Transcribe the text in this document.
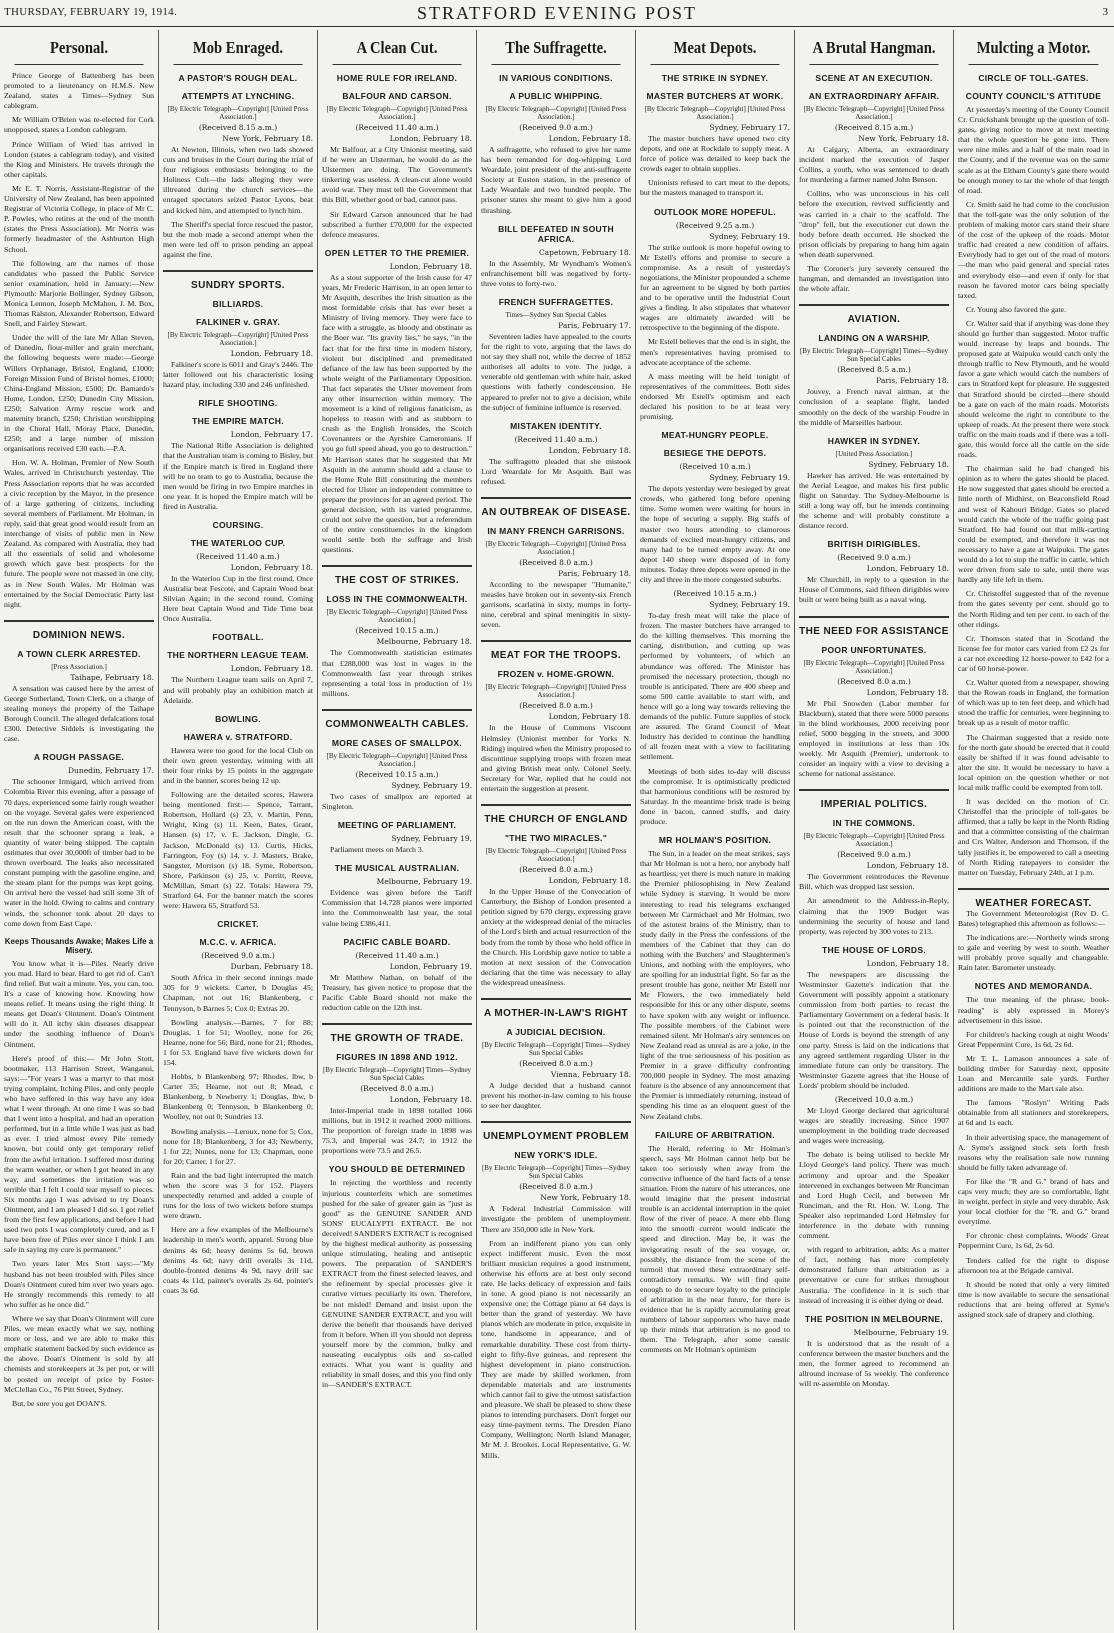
THURSDAY, FEBRUARY 19, 1914.	STRATFORD EVENING POST	3
Personal.
Prince George of Battenberg has been promoted to a lieutenancy on H.M.S. New Zealand, states a Times—Sydney Sun cablegram.
Mr William O'Brien was re-elected for Cork unopposed, states a London cablegram.
Prince William of Wied has arrived in London (states a cablegram today), and visited the King and Ministers. He travels through the other capitals.
Mr E. T. Norris, Assistant-Registrar of the University of New Zealand, has been appointed Registrar of Victoria College, in place of Mr C. P. Powles, who retires at the end of the month (states the Press Association). Mr Norris was formerly headmaster of the Ashburton High School.
The following are the names of those candidates who passed the Public Service senior examination, held in January:—New Plymouth: Marjorie Bollinger, Sydney Gibson, Monica Lennon, Joseph McMahon, J. M. Box, Thomas Ralston, Alexander Robertson, Edward Snell, and Fairley Stewart.
Under the will of the late Mr Allan Steven, of Dunedin, flour-miller and grain merchant, the following bequests were made:—George Willers Orphanage, Bristol, England, £1000; Foreign Mission Fund of Bristol homes, £1000; China-England Mission, £500; Dr. Barnardo's Home, London, £250; Dunedin City Mission, £250; Salvation Army rescue work and maternity branch, £250; Christian worshipping in the Choral Hall, Moray Place, Dunedin, £250; and a large number of mission organisations received £30 each.—P.A.
Hon. W. A. Holman, Premier of New South Wales, arrived in Christchurch yesterday. The Press Association reports that he was accorded a civic reception by the Mayor, in the presence of a large gathering of citizens, including several members of Parliament. Mr Holman, in reply, said that great good would result from an interchange of visits of public men in New Zealand. As compared with Australia, they had all the essentials of solid and wholesome growth which gave best prospects for the future. The people were not massed in one city, as in New South Wales. Mr Holman was entertained by the Social Democratic Party last night.
DOMINION NEWS.
A TOWN CLERK ARRESTED.
[Press Association.]
Taihape, February 18.
A sensation was caused here by the arrest of George Sutherland, Town Clerk, on a charge of stealing moneys the property of the Taihape Borough Council. The alleged defalcations total £300. Detective Siddels is investigating the case.
A ROUGH PASSAGE.
Dunedin, February 17.
The schooner Irmigard, which arrived from Colombia River this evening, after a passage of 70 days, experienced some fairly rough weather on the voyage. Several gales were experienced on the run down the American coast, with the result that the schooner sprang a leak, a quantity of water being shipped. The captain estimates that over 30,000ft of timber had to be thrown overboard. The leaks also necessitated constant pumping with the gasoline engine, and the steam plant for the pumps was kept going. On arrival here the vessel had still some 3ft of water in the hold. Owing to calms and contrary winds, the schooner took about 20 days to come down from East Cape.
Keeps Thousands Awake; Makes Life a Misery.
You know what it is—Piles. Nearly drive you mad. Hard to bear. Hard to get rid of. Can't find relief. But wait a minute. Yes, you can, too. It's a case of knowing how. Knowing how means relief. It means using the right thing. It means get Doan's Ointment. Doan's Ointment will do it. All itchy skin diseases disappear under the soothing influence of Doan's Ointment.
Here's proof of this:— Mr John Stott, bootmaker, 113 Harrison Street, Wanganui, says:—"For years I was a martyr to that most trying complaint, Itching Piles, and only people who have suffered in this way have any idea what I went through. At one time I was so bad that I went into a hospital, and had an operation performed, but in a little while I was just as bad as ever. I tried almost every Pile remedy known, but could only get temporary relief from the awful irritation. I suffered most during the warm weather, or when I got heated in any way, and sometimes the irritation was so terrible that I felt I could tear myself to pieces. Six months ago I was advised to try Doan's Ointment, and I am pleased I did so. I got relief from the first few applications, and before I had used two pots I was completely cured, and as I have been free of Piles ever since I think I am safe in saying my cure is permanent."
Two years later Mrs Stott says:—"My husband has not been troubled with Piles since Doan's Ointment cured him over two years ago. He strongly recommends this remedy to all who suffer as he once did."
Where we say that Doan's Ointment will cure Piles, we mean exactly what we say, nothing more or less, and we are able to make this emphatic statement backed by such evidence as the above. Doan's Ointment is sold by all chemists and storekeepers at 3s per pot, or will be posted on receipt of price by Foster-McClellan Co., 76 Pitt Street, Sydney.
But, be sure you get DOAN'S.
Mob Enraged.
A PASTOR'S ROUGH DEAL.
ATTEMPTS AT LYNCHING.
[By Electric Telegraph—Copyright] [United Press Association.]
(Received 8.15 a.m.)
New York, February 18.
At Newton, Illinois, when two lads showed cuts and bruises in the Court during the trial of four religious enthusiasts belonging to the Holiness Cult—the lads alleging they were illtreated during the church services—the enraged spectators seized Pastor Lyons, beat and kicked him, and attempted to lynch him.
The Sheriff's special force rescued the pastor, but the mob made a second attempt when the men were led off to prison pending an appeal against the fine.
SUNDRY SPORTS.
BILLIARDS.
FALKINER v. GRAY.
[By Electric Telegraph—Copyright] [United Press Association.]
London, February 18.
Falkiner's score is 6011 and Gray's 2446. The latter followed out his characteristic losing hazard play, including 330 and 246 unfinished.
RIFLE SHOOTING.
THE EMPIRE MATCH.
London, February 17.
The National Rifle Association is delighted that the Australian team is coming to Bisley, but if the Empire match is fired in England there will be no team to go to Australia, because the men would be firing in two Empire matches in one year. It is hoped the Empire match will be fired in Australia.
COURSING.
THE WATERLOO CUP.
(Received 11.40 a.m.)
London, February 18.
In the Waterloo Cup in the first round, Once Australia beat Fescote, and Captain Wood beat Silvian Again; in the second round, Coming Here beat Captain Wood and Tide Time beat Once Australia.
FOOTBALL.
THE NORTHERN LEAGUE TEAM.
London, February 18.
The Northern League team sails on April 7, and will probably play an exhibition match at Adelaide.
BOWLING.
HAWERA v. STRATFORD.
Hawera were too good for the local Club on their own green yesterday, winning with all their four rinks by 15 points in the aggregate and in the banner, scores being 12 up.
Following are the detailed scores, Hawera being mentioned first:— Spence, Tarrant, Robertson, Hollard (s) 23, v. Martin, Penn, Wright, King (s) 11. Keen, Bates, Grant, Hansen (s) 17, v. E. Jackson, Dingle, G. Jackson, McDonald (s) 13. Curtis, Hicks, Farrington, Foy (s) 14, v. J. Masters, Brake, Sangster, Morrison (s) 18. Syme, Robertson, Shore, Parkinson (s) 25, v. Porritt, Reeve, McMillan, Smart (s) 22. Totals: Hawera 79, Stratford 64. For the banner match the scores were: Hawera 65, Stratford 53.
CRICKET.
M.C.C. v. AFRICA.
(Received 9.0 a.m.)
Durban, February 18.
South Africa in their second innings made 305 for 9 wickets. Carter, b Douglas 45; Chapman, not out 16; Blankenberg, c Tennyson, b Barnes 5; Cox 0; Extras 20.
Bowling analysis.—Barnes, 7 for 88; Douglas, 1 for 51; Woolley, none for 26; Hearne, none for 56; Bird, none for 21; Rhodes, 1 for 53. England have five wickets down for 154.
Hobbs, b Blankenberg 97; Rhodes, lbw, b Carter 35; Hearne, not out 8; Mead, c Blankenberg, b Newberry 1; Douglas, lbw, b Blankenberg 0; Tennyson, b Blankenberg 0; Woolley, not out 0; Sundries 13.
Bowling analysis.—Leroux, none for 5; Cox, none for 18; Blankenberg, 3 for 43; Newberry, 1 for 22; Nunes, none for 13; Chapman, none for 20; Carter, 1 for 27.
Rain and the bad light interrupted the match when the score was 3 for 152. Players unexpectedly returned and added a couple of runs for the loss of two wickets before stumps were drawn.
Here are a few examples of the Melbourne's leadership in men's worth, apparel. Strong blue denims 4s 6d; heavy denims 5s 6d, brown denims 4s 6d; navy drill overalls 3s 11d, double-fronted denims 4s 9d, navy drill sac coats 4s 11d, painter's overalls 2s 6d, pointer's coats 3s 6d.
A Clean Cut.
HOME RULE FOR IRELAND.
BALFOUR AND CARSON.
[By Electric Telegraph—Copyright] [United Press Association.]
(Received 11.40 a.m.)
London, February 18.
Mr Balfour, at a City Unionist meeting, said if he were an Ulsterman, he would do as the Ulstermen are doing. The Government's tinkering was useless. A clean-cut alone would avoid war. They must tell the Government that this Bill, whether good or bad, cannot pass.
Sir Edward Carson announced that he had subscribed a further £70,000 for the expected defence measures.
OPEN LETTER TO THE PREMIER.
London, February 18.
As a stout supporter of the Irish cause for 47 years, Mr Frederic Harrison, in an open letter to Mr Asquith, describes the Irish situation as the most formidable crisis that has ever beset a Ministry of living memory. They were face to face with a struggle, as bloody and obstinate as the Boer war. "Its gravity lies," he says, "in the fact that for the first time in modern history, violent but disciplined and premeditated defiance of the law has been supported by the whole weight of the Parliamentary Opposition. That fact separates the Ulster movement from any other insurrection within memory. The movement is a kind of religious fanaticism, as hopeless to reason with and as stubborn to crush as the English Ironsides, the Scotch Covenanters or the Ayrshire Cameronians. If you go full speed ahead, you go to destruction." Mr Harrison states that he suggested that Mr Asquith in the autumn should add a clause to the Home Rule Bill constituting the members elected for Ulster an independent committee to prepare the provinces for an agreed period. The general decision, with its varied programme, could not solve the question, but a referendum of the entire constituencies in the kingdom would settle both the suffrage and Irish questions.
THE COST OF STRIKES.
LOSS IN THE COMMONWEALTH.
[By Electric Telegraph—Copyright] [United Press Association.]
(Received 10.15 a.m.)
Melbourne, February 18.
The Commonwealth statistician estimates that £288,000 was lost in wages in the Commonwealth last year through strikes representing a total loss in production of 1½ millions.
COMMONWEALTH CABLES.
MORE CASES OF SMALLPOX.
[By Electric Telegraph—Copyright] [United Press Association.]
(Received 10.15 a.m.)
Sydney, February 19.
Two cases of smallpox are reported at Singleton.
MEETING OF PARLIAMENT.
Sydney, February 19.
Parliament meets on March 3.
THE MUSICAL AUSTRALIAN.
Melbourne, February 19.
Evidence was given before the Tariff Commission that 14,728 pianos were imported into the Commonwealth last year, the total value being £386,411.
PACIFIC CABLE BOARD.
(Received 11.40 a.m.)
London, February 19.
Mr Matthew Nathan, on behalf of the Treasury, has given notice to propose that the Pacific Cable Board should not make the reduction cable on the 12th inst.
THE GROWTH OF TRADE.
FIGURES IN 1898 AND 1912.
[By Electric Telegraph—Copyright] Times—Sydney Sun Special Cables
(Received 8.0 a.m.)
London, February 18.
Inter-Imperial trade in 1898 totalled 1066 millions, but in 1912 it reached 2000 millions. The proportion of foreign trade in 1898 was 75.3, and Imperial was 24.7; in 1912 the proportions were 73.5 and 26.5.
YOU SHOULD BE DETERMINED
In rejecting the worthless and recently injurious counterfeits which are sometimes pushed for the sake of greater gain as "just as good" as the GENUINE SANDER AND SONS' EUCALYPTI EXTRACT. Be not deceived! SANDER'S EXTRACT is recognised by the highest medical authority as possessing unique stimulating, healing and antiseptic powers. The preparation of SANDER'S EXTRACT from the finest selected leaves, and the refinement by special processes give it curative virtues peculiarly its own. Therefore, be not misled! Demand and insist upon the GENUINE SANDER EXTRACT, and you will derive the benefit that thousands have derived from it before. When ill you should not depress yourself more by the common, bulky and nauseating eucalyptus oils and so-called extracts. What you want is quality and reliability in small doses, and this you find only in—SANDER'S EXTRACT.
The Suffragette.
IN VARIOUS CONDITIONS.
A PUBLIC WHIPPING.
[By Electric Telegraph—Copyright] [United Press Association.]
(Received 9.0 a.m.)
London, February 18.
A suffragette, who refused to give her name has been remanded for dog-whipping Lord Weardale, joint president of the anti-suffragette Society at Euston station, in the presence of Lady Weardale and two hundred people. The prisoner states she meant to give him a good thrashing.
BILL DEFEATED IN SOUTH AFRICA.
Capetown, February 18.
In the Assembly, Mr Wyndham's Women's enfranchisement bill was negatived by forty-three votes to forty-two.
FRENCH SUFFRAGETTES.
Times—Sydney Sun Special Cables
Paris, February 17.
Seventeen ladies have appealed to the courts for the right to vote, arguing that the laws do not say they shall not, while the decree of 1852 authorises all adults to vote. The judge, a venerable old gentleman with white hair, asked questions with fatherly condescension. He appeared to prefer not to give a decision, while the subject of feminine influence is reserved.
MISTAKEN IDENTITY.
(Received 11.40 a.m.)
London, February 18.
The suffragette pleaded that she mistook Lord Weardale for Mr Asquith. Bail was refused.
AN OUTBREAK OF DISEASE.
IN MANY FRENCH GARRISONS.
[By Electric Telegraph—Copyright] [United Press Association.]
(Received 8.0 a.m.)
Paris, February 18.
According to the newspaper "Humanite," measles have broken out in seventy-six French garrisons, scarlatina in sixty, mumps in forty-nine, cerebral and spinal meningitis in sixty-seven.
MEAT FOR THE TROOPS.
FROZEN v. HOME-GROWN.
[By Electric Telegraph—Copyright] [United Press Association.]
(Received 8.0 a.m.)
London, February 18.
In the House of Commons Viscount Helmsley (Unionist member for Yorks N. Riding) inquired when the Ministry proposed to discontinue supplying troops with frozen meat and giving British meat only. Colonel Seely, Secretary for War, replied that he could not entertain the suggestion at present.
THE CHURCH OF ENGLAND
"THE TWO MIRACLES."
[By Electric Telegraph—Copyright] [United Press Association.]
(Received 8.0 a.m.)
London, February 18.
In the Upper House of the Convocation of Canterbury, the Bishop of London presented a petition signed by 670 clergy, expressing grave anxiety at the widespread denial of the miracles of the Lord's birth and actual resurrection of the body from the tomb by those who hold office in the Church. His Lordship gave notice to table a motion at next session of the Convocation declaring that the time was necessary to allay the widespread uneasiness.
A MOTHER-IN-LAW'S RIGHT
A JUDICIAL DECISION.
[By Electric Telegraph—Copyright] Times—Sydney Sun Special Cables
(Received 8.0 a.m.)
Vienna, February 18.
A Judge decided that a husband cannot prevent his mother-in-law coming to his house to see her daughter.
UNEMPLOYMENT PROBLEM
NEW YORK'S IDLE.
[By Electric Telegraph—Copyright] Times—Sydney Sun Special Cables
(Received 8.0 a.m.)
New York, February 18.
A Federal Industrial Commission will investigate the problem of unemployment. There are 350,000 idle in New York.
From an indifferent piano you can only expect indifferent music. Even the most brilliant musician requires a good instrument, otherwise his efforts are at best only second rate. He lacks delicacy of expression and fails in tone. A good piano is not necessarily an expensive one; the Cottage piano at 64 days is better than the grand of yesterday. We have pianos which are moderate in price, exquisite in tone, handsome in appearance, and of remarkable durability. These cost from thirty-eight to fifty-five guineas, and represent the highest development in piano construction. They are made by skilled workmen, from dependable materials and are instruments which cannot fail to give the utmost satisfaction and pleasure. We shall be pleased to show these pianos to intending purchasers. Don't forget our easy time-payment terms. The Dresden Piano Company, Wellington; North Island Manager, Mr M. J. Brookes. Local Representative, G. W. Mills.
Meat Depots.
THE STRIKE IN SYDNEY.
MASTER BUTCHERS AT WORK.
[By Electric Telegraph—Copyright] [United Press Association.]
Sydney, February 17.
The master butchers have opened two city depots, and one at Rockdale to supply meat. A force of police was detailed to keep back the crowds eager to obtain supplies.
Unionists refused to cart meat to the depots, but the masters managed to transport it.
OUTLOOK MORE HOPEFUL.
(Received 9.25 a.m.)
Sydney, February 19.
The strike outlook is more hopeful owing to Mr Estell's efforts and promise to secure a compromise. As a result of yesterday's negotiations, the Minister propounded a scheme for an agreement to be signed by both parties and to be operative until the Industrial Court gives a finding. It also stipulates that whatever wages are ultimately awarded will be retrospective to the beginning of the dispute.
Mr Estell believes that the end is in sight, the men's representatives having promised to advocate acceptance of the scheme.
A mass meeting will be held tonight of representatives of the committees. Both sides endorsed Mr Estell's optimism and each declared his position to be at least very promising.
MEAT-HUNGRY PEOPLE.
BESIEGE THE DEPOTS.
(Received 10 a.m.)
Sydney, February 19.
The depots yesterday were besieged by great crowds, who gathered long before opening time. Some women were waiting for hours in the hope of securing a supply. Big staffs of master two hours attending to clamorous demands of excited meat-hungry citizens, and many had to be turned empty away. At one depot 140 sheep were disposed of in forty minutes. Today three depots were opened in the city and three in the more congested suburbs.
(Received 10.15 a.m.)
Sydney, February 19.
To-day fresh meat will take the place of frozen. The master butchers have arranged to do the killing themselves. This morning the carting, distribution, and cutting up was performed by volunteers, of which an abundance was offered. The Minister has promised the necessary protection, though no trouble is anticipated. There are 400 sheep and some 500 cattle available to start with, and hence will go a long way towards relieving the demands of the public. Future supplies of stock are assured. The Grand Council of Meat Industry has decided to continue the handling of all frozen meat with a view to facilitating settlement.
Meetings of both sides to-day will discuss the compromise. It is optimistically predicted that harmonious conditions will be restored by Saturday. In the meantime brisk trade is being done in bacon, canned stuffs, and dairy produce.
MR HOLMAN'S POSITION.
The Sun, in a leader on the meat strikes, says that Mr Holman is not a hero, nor anybody half as heartless, yet there is much nature in making the Premier philosophising in New Zealand while Sydney is starving. It would be more interesting to read his telegrams exchanged between Mr Carmichael and Mr Holman, two of the astutest brains of the Ministry, than to study daily in the Press the confessions of the members of the Cabinet that they can do nothing with the Butchers' and Slaughtermen's Unions, and nothing with the employers, who are spoiling for an industrial fight. So far as the present trouble has gone, neither Mr Estell nor Mr Flowers, the two immediately held responsible for this or any other dispute, seems to have spoken with any weight or influence. The possible members of the Cabinet were remained silent. Mr Holman's airy sentences on New Zealand read as unreal as are a joke, in the light of the true seriousness of his position as Premier in a grave difficulty confronting 700,000 people in Sydney. The most amazing feature is the absence of any announcement that the Premier is immediately returning, instead of spending his time as an eloquent guest of the New Zealand clubs.
FAILURE OF ARBITRATION.
The Herald, referring to Mr Holman's speech, says Mr Holman cannot help but be taken too seriously when away from the corrective influence of the hard facts of a tense situation. From the nature of his utterances, one would imagine that the present industrial trouble is an accidental interruption in the quiet flow of the river of peace. A mere ebb flung into the smooth current would indicate the speed and direction. May be, it was the invigorating result of the sea voyage, or, possibly, the distance from the scene of the turmoil that moved these extraordinary self-contradictory remarks. We will find quite enough to do to secure loyalty to the principle of arbitration in the near future, for there is evidence that he is rapidly accumulating great numbers of labour supporters who have made up their minds that arbitration is no good to them. The Telegraph, after some caustic comments on Mr Holman's optimism
A Brutal Hangman.
SCENE AT AN EXECUTION.
AN EXTRAORDINARY AFFAIR.
[By Electric Telegraph—Copyright] [United Press Association.]
(Received 8.15 a.m.)
New York, February 18.
At Calgary, Alberta, an extraordinary incident marked the execution of Jasper Collins, a youth, who was sentenced to death for murdering a farmer named John Benson.
Collins, who was unconscious in his cell before the execution, revived sufficiently and was carried in a chair to the scaffold. The "drop" fell, but the executioner cut down the body before death occurred. He shocked the prison officials by preparing to hang him again when death supervened.
The Coroner's jury severely censured the hangman, and demanded an investigation into the whole affair.
AVIATION.
LANDING ON A WARSHIP.
[By Electric Telegraph—Copyright] Times—Sydney Sun Special Cables
(Received 8.5 a.m.)
Paris, February 18.
Jouvey, a French naval airman, at the conclusion of a seaplane flight, landed smoothly on the deck of the warship Foudre in the middle of Marseilles harbour.
HAWKER IN SYDNEY.
[United Press Association.]
Sydney, February 18.
Hawker has arrived. He was entertained by the Aerial League, and makes his first public flight on Saturday. The Sydney-Melbourne is still a long way off, but he intends continuing the scheme and will probably constitute a distance record.
BRITISH DIRIGIBLES.
(Received 9.0 a.m.)
London, February 18.
Mr Churchill, in reply to a question in the House of Commons, said fifteen dirigibles were built or were being built as a naval wing.
THE NEED FOR ASSISTANCE
POOR UNFORTUNATES.
[By Electric Telegraph—Copyright] [United Press Association.]
(Received 8.0 a.m.)
London, February 18.
Mr Phil Snowden (Labor member for Blackburn), stated that there were 5000 persons in the blind workhouses, 2000 receiving poor relief, 5000 begging in the streets, and 3000 employed in institutions at less than 10s weekly. Mr Asquith (Premier), undertook to consider an inquiry with a view to devising a scheme for national assistance.
IMPERIAL POLITICS.
IN THE COMMONS.
[By Electric Telegraph—Copyright] [United Press Association.]
(Received 9.0 a.m.)
London, February 18.
The Government reintroduces the Revenue Bill, which was dropped last session.
An amendment to the Address-in-Reply, claiming that the 1909 Budget was undermining the security of house and land property, was rejected by 300 votes to 213.
THE HOUSE OF LORDS.
London, February 18.
The newspapers are discussing the Westminster Gazette's indication that the Government will possibly appoint a stationary commission from both parties to recast the Parliamentary Government on a federal basis. It is pointed out that the reconstruction of the House of Lords is beyond the strength of any one party. Stress is laid on the indications that any agreed settlement regarding Ulster in the immediate future can only be transitory. The Westminster Gazette agrees that the House of Lords' problem should be included.
(Received 10.0 a.m.)
Mr Lloyd George declared that agricultural wages are steadily increasing. Since 1907 unemployment in the building trade decreased and wages were increasing.
The debate is being utilised to heckle Mr Lloyd George's land policy. There was much acrimony and uproar and the Speaker intervened in exchanges between Mr Runciman and Lord Hugh Cecil, and between Mr Runciman, and the Rt. Hon. W. Long. The Speaker also reprimanded Lord Helmsley for interference in the debate with running comment.
with regard to arbitration, adds: As a matter of fact, nothing has more completely demonstrated failure than arbitration as a preventative or cure for strikes throughout Australia. The confidence in it is such that instead of increasing it is either dying or dead.
THE POSITION IN MELBOURNE.
Melbourne, February 19.
It is understood that as the result of a conference between the master butchers and the men, the former agreed to recommend an allround increase of 5s weekly. The conference will re-assemble on Monday.
Mulcting a Motor.
CIRCLE OF TOLL-GATES.
COUNTY COUNCIL'S ATTITUDE
At yesterday's meeting of the County Council Cr. Cruickshank brought up the question of toll-gates, giving notice to move at next meeting that the whole question be gone into. There were nine miles and a half of the main road in the County, and if the revenue was on the same scale as at the Eltham County's gate there would be enough money to tar the whole of that length of road.
Cr. Smith said he had come to the conclusion that the toll-gate was the only solution of the problem of making motor cars stand their share of the cost of the upkeep of the roads. Motor traffic had created a new condition of affairs. Everybody had to get out of the road of motors—the man who paid general and special rates and everybody else—and even if only for that reason he favored motor cars being specially taxed.
Cr. Young also favored the gate.
Cr. Walter said that if anything was done they should go further than suggested. Motor traffic would increase by leaps and bounds. The proposed gate at Waipuku would catch only the through traffic to New Plymouth, and he would favor a gate which would catch the numbers of cars in Stratford kept for pleasure. He suggested that Stratford should be circled—there should be a gate on each of the main roads. Motorists should welcome the right to contribute to the upkeep of roads. At the present there were stock traffic on the main roads and if there was a toll-gate, this would force all the cattle on the side roads.
The chairman said he had changed his opinion as to where the gates should be placed. He now suggested that gates should be erected a little north of Midhirst, on Beaconsfield Road and west of Kahouri Bridge. Gates so placed would catch the whole of the traffic going past Stratford. He had found out that milk-carting could be exempted, and therefore it was not necessary to have a gate at Waipuku. The gates would do a lot to stop the traffic in cattle, which were driven from sale to sale, until there was hardly any life left in them.
Cr. Christoffel suggested that of the revenue from the gates seventy per cent. should go to the North Riding and ten per cent. to each of the other ridings.
Cr. Thomson stated that in Scotland the license fee for motor cars varied from £2 2s for a car not exceeding 12 horse-power to £42 for a car of 60 horse-power.
Cr. Walter quoted from a newspaper, showing that the Rowan roads in England, the formation of which was up to ten feet deep, and which had stood the traffic for centuries, were beginning to break up as a result of motor traffic.
The Chairman suggested that a reside note for the north gate should be erected that it could easily be shifted if it was found advisable to alter the site. It would be necessary to have a local opinion on the question whether or not local milk traffic could be exempted from toll.
It was decided on the motion of Cr. Christoffel that the principle of toll-gates be affirmed, that a tally be kept in the North Riding and that a committee consisting of the chairman and Crs Walter, Anderson and Thomson, if the tally justifies it, be empowered to call a meeting of North Riding ratepayers to consider the matter on Tuesday, February 24th, at 1 p.m.
WEATHER FORECAST.
The Government Meteorologist (Rev D. C. Bates) telegraphed this afternoon as follows:—
The indications are:—Northerly winds strong to gale and veering by west to south. Weather will probably prove squally and changeable. Rain later. Barometer unsteady.
NOTES AND MEMORANDA.
The true meaning of the phrase, book-reading" is ably expressed in Morey's advertisement in this issue.
For children's hacking cough at night Woods' Great Peppermint Cure, 1s 6d, 2s 6d.
Mr T. L. Lamason announces a sale of building timber for Saturday next, opposite Loan and Mercantile sale yards. Further additions are made to the Mart sale also.
The famous "Roslyn" Writing Pads obtainable from all stationers and storekeepers, at 6d and 1s each.
In their advertising space, the management of A. Syme's assigned stock sets forth fresh reasons why the realisation sale now running should be fully taken advantage of.
For like the "R and G." brand of hats and caps very much; they are so comfortable, light in weight, perfect in style and very durable. Ask your local clothier for the "R. and G." brand everytime.
For chronic chest complaints, Woods' Great Peppermint Cure, 1s 6d, 2s 6d.
Tenders called for the right to dispose afternoon tea at the Brigade carnival.
It should be noted that only a very limited time is now available to secure the sensational reductions that are being offered at Syme's assigned stock sale of drapery and clothing.
